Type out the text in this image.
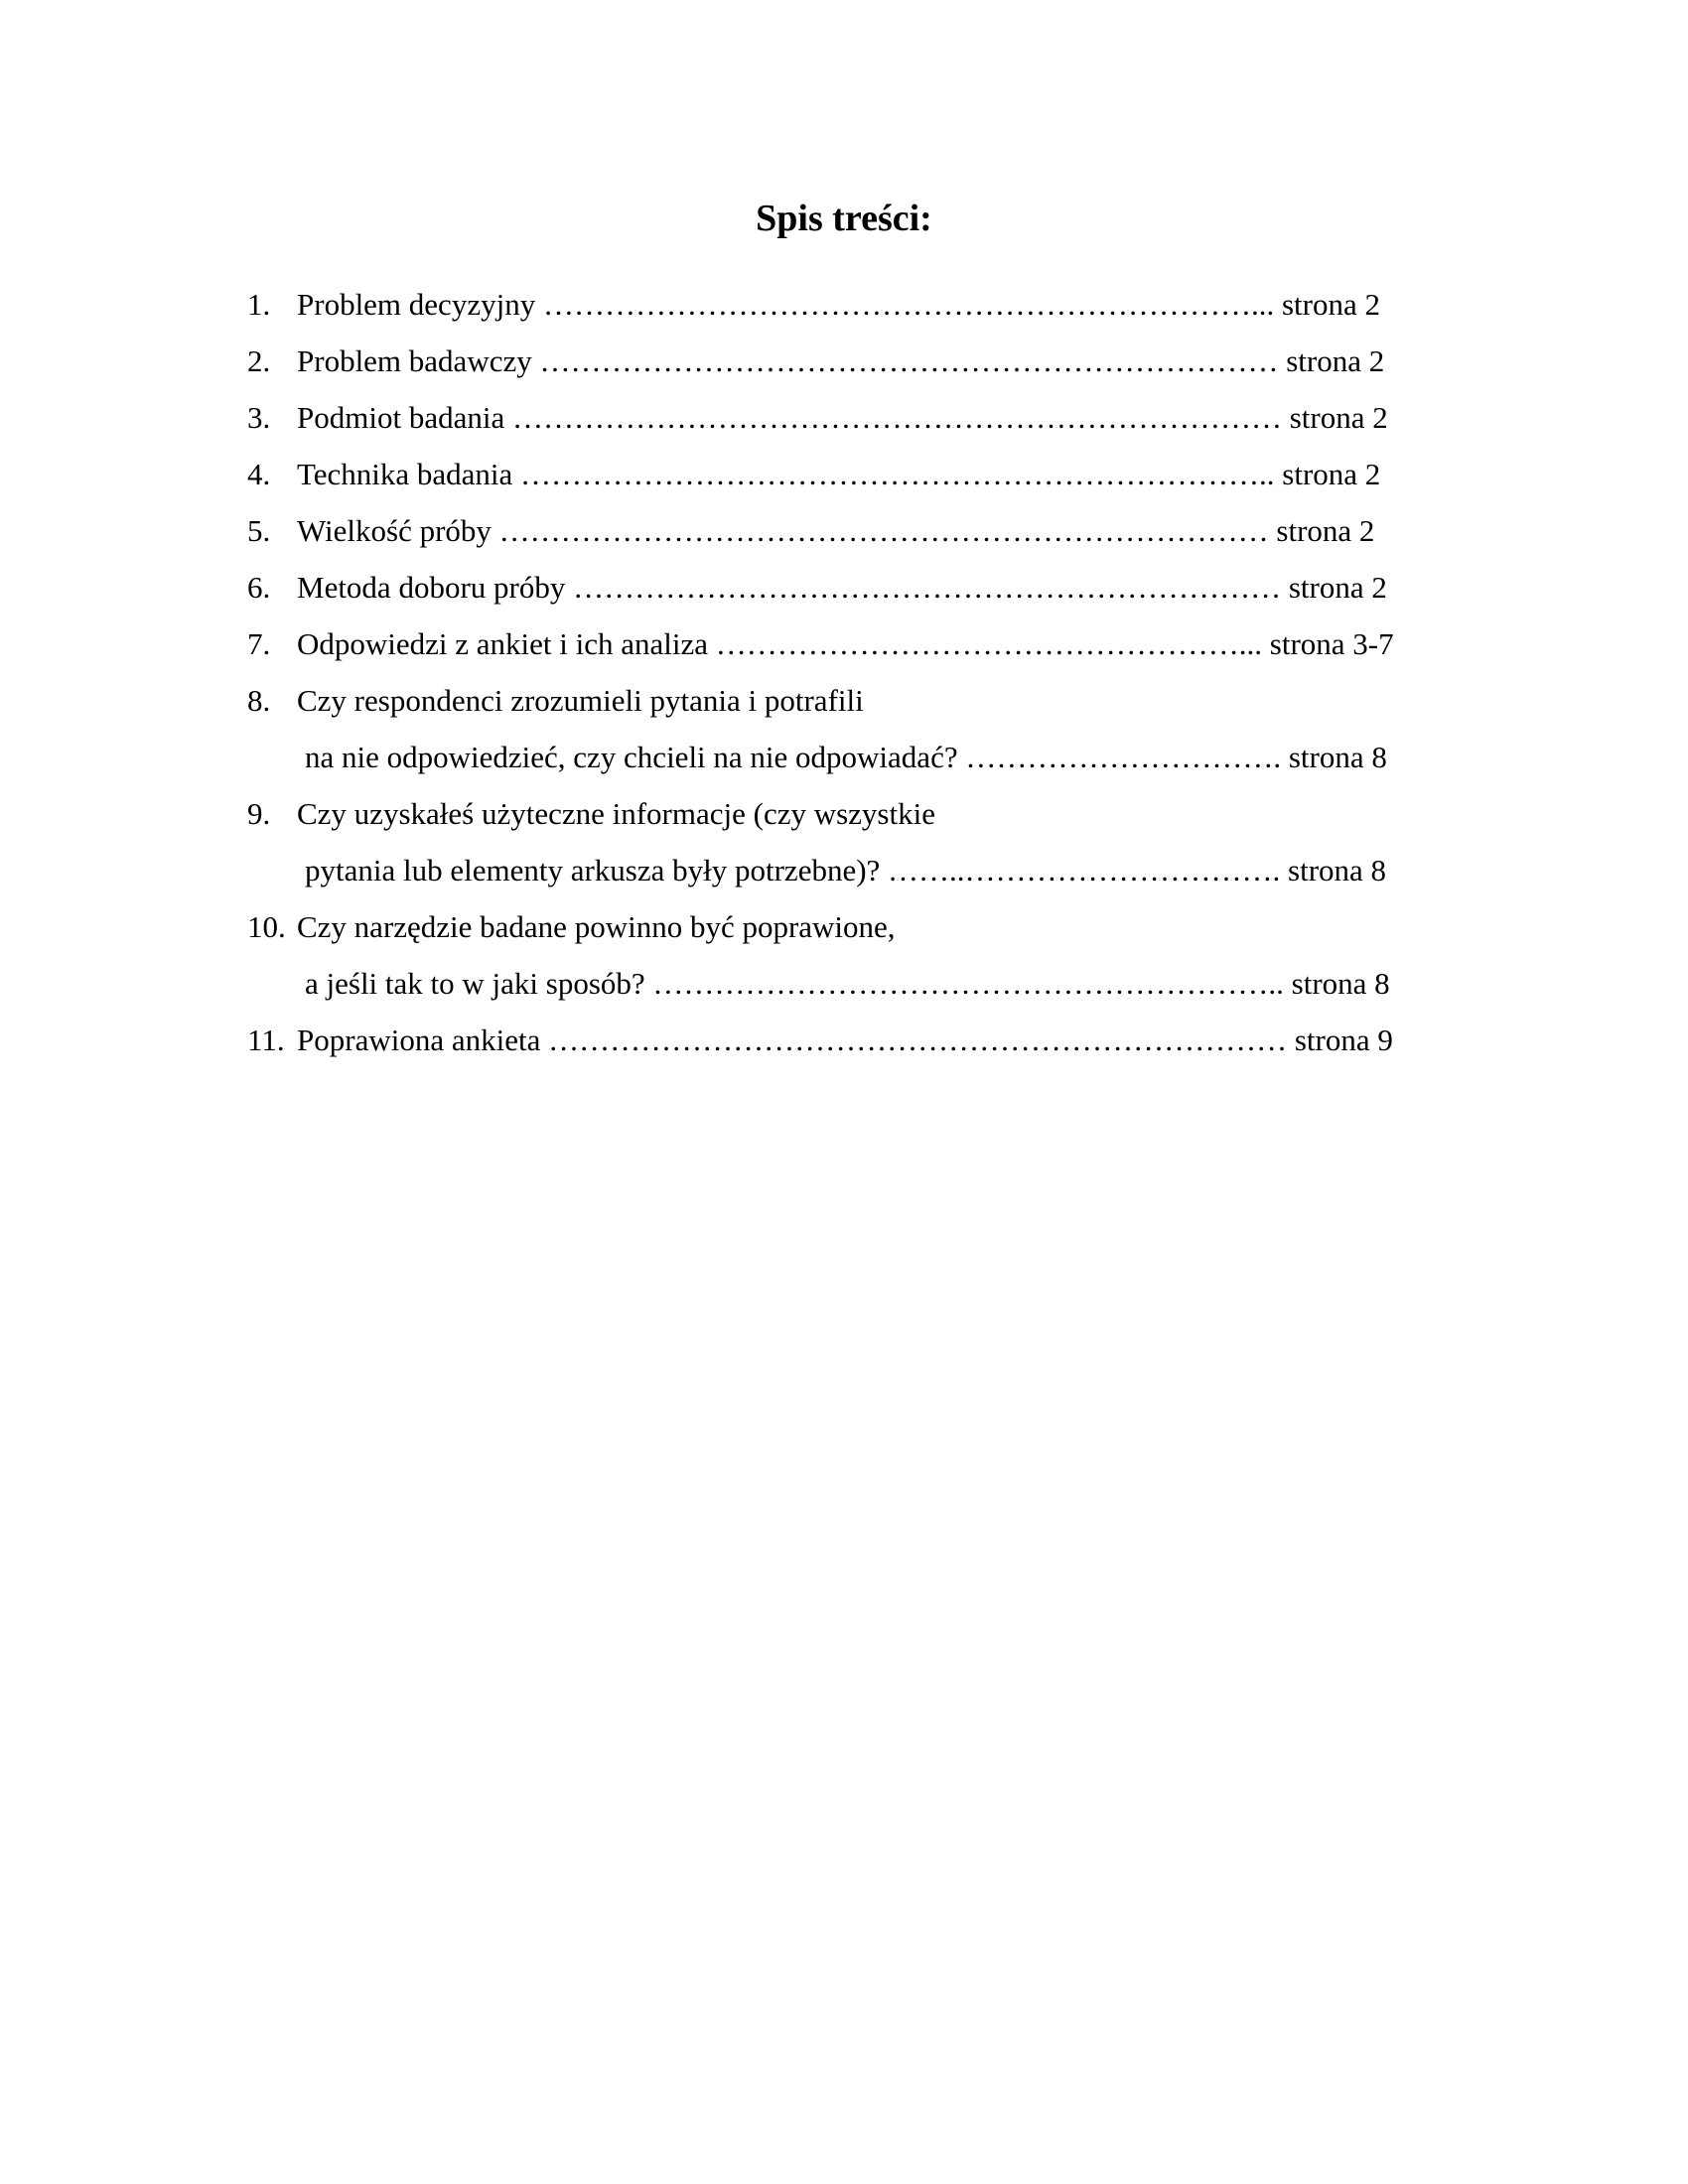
Spis treści:
1. Problem decyzyjny ……………………………………………………………... strona 2
2. Problem badawczy ……………………………………………………………… strona 2
3. Podmiot badania ………………………………………………………………… strona 2
4. Technika badania ……………………………………………………………….. strona 2
5. Wielkość próby ………………………………………………………………… strona 2
6. Metoda doboru próby …………………………………………………………… strona 2
7. Odpowiedzi z ankiet i ich analiza ……………………………………………... strona 3-7
8. Czy respondenci zrozumieli pytania i potrafili
na nie odpowiedzieć, czy chcieli na nie odpowiadać? …………………………. strona 8
9. Czy uzyskałeś użyteczne informacje (czy wszystkie
pytania lub elementy arkusza były potrzebne)? ……..…………………………. strona 8
10. Czy narzędzie badane powinno być poprawione,
a jeśli tak to w jaki sposób? …………………………………………………….. strona 8
11. Poprawiona ankieta ……………………………………………………………… strona 9
